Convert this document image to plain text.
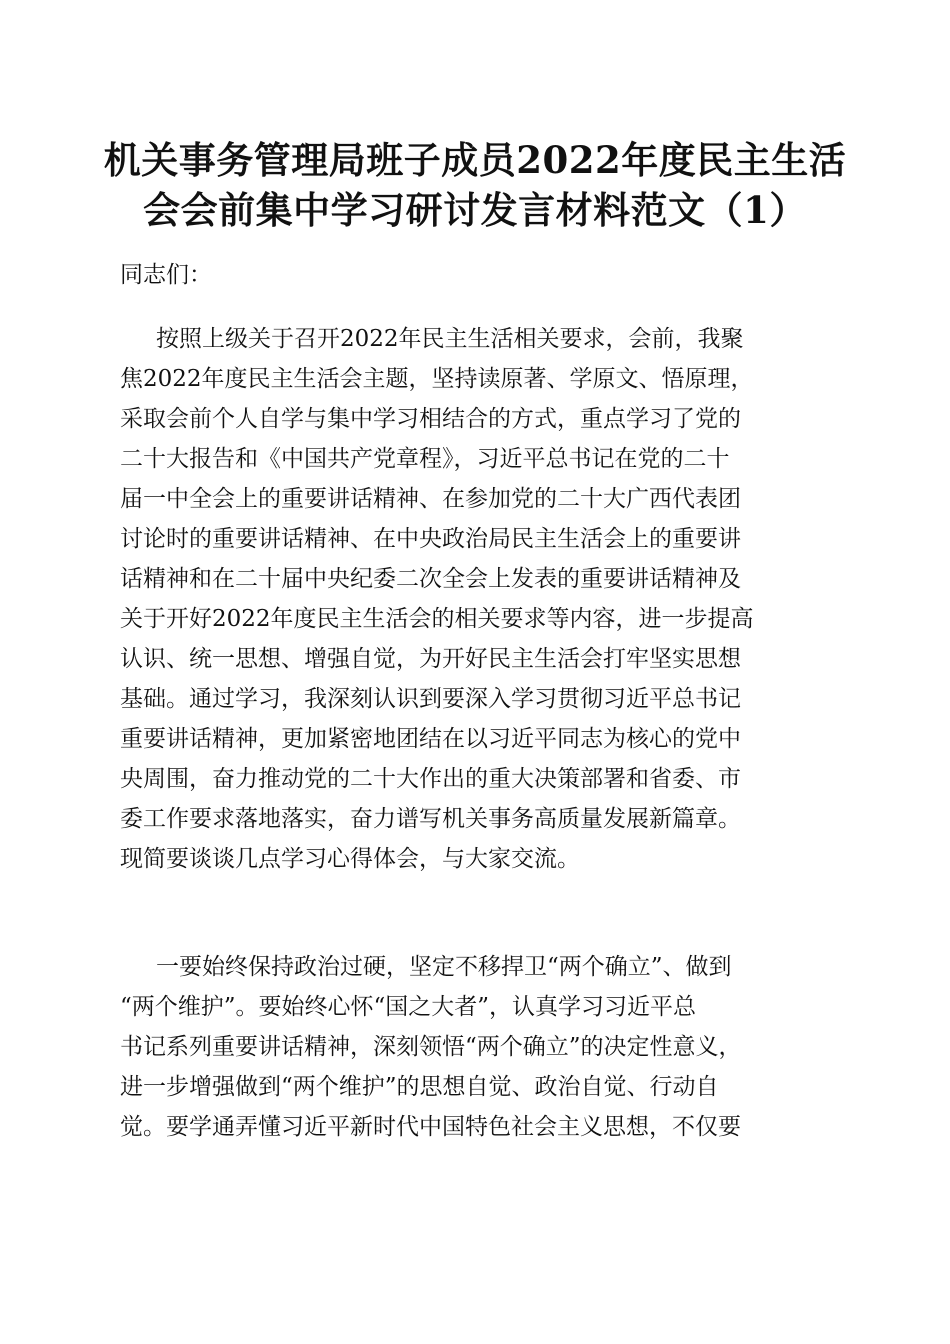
机关事务管理局班子成员2022年度民主生活
会会前集中学习研讨发言材料范文（1）

同志们：

按照上级关于召开2022年民主生活相关要求，会前，我聚
焦2022年度民主生活会主题，坚持读原著、学原文、悟原理，
采取会前个人自学与集中学习相结合的方式，重点学习了党的
二十大报告和《中国共产党章程》，习近平总书记在党的二十
届一中全会上的重要讲话精神、在参加党的二十大广西代表团
讨论时的重要讲话精神、在中央政治局民主生活会上的重要讲
话精神和在二十届中央纪委二次全会上发表的重要讲话精神及
关于开好2022年度民主生活会的相关要求等内容，进一步提高
认识、统一思想、增强自觉，为开好民主生活会打牢坚实思想
基础。通过学习，我深刻认识到要深入学习贯彻习近平总书记
重要讲话精神，更加紧密地团结在以习近平同志为核心的党中
央周围，奋力推动党的二十大作出的重大决策部署和省委、市
委工作要求落地落实，奋力谱写机关事务高质量发展新篇章。
现简要谈谈几点学习心得体会，与大家交流。
一要始终保持政治过硬，坚定不移捍卫“两个确立”、做到
“两个维护”。要始终心怀“国之大者”，认真学习习近平总
书记系列重要讲话精神，深刻领悟“两个确立”的决定性意义，
进一步增强做到“两个维护”的思想自觉、政治自觉、行动自
觉。要学通弄懂习近平新时代中国特色社会主义思想，不仅要
